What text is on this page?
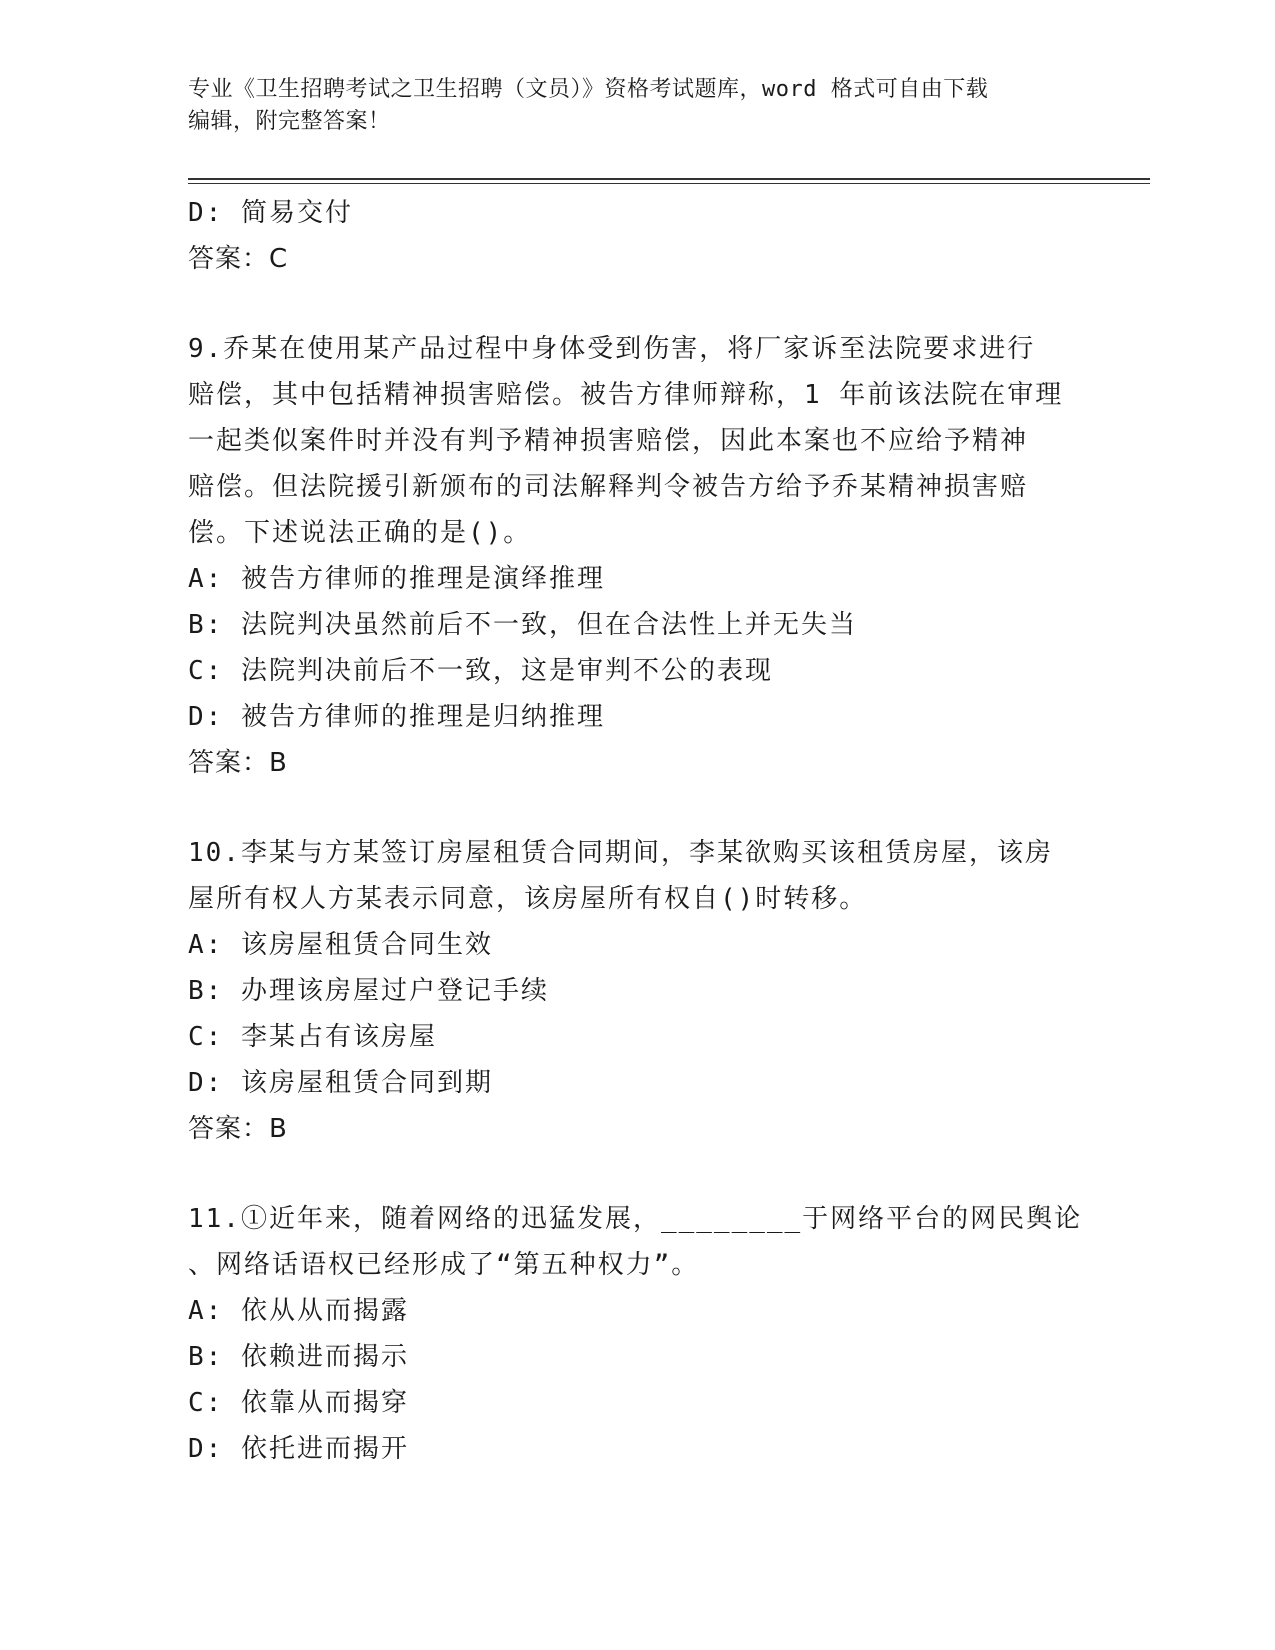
专业《卫生招聘考试之卫生招聘（文员）》资格考试题库，word 格式可自由下载
编辑，附完整答案！
D: 简易交付
答案：C
9.乔某在使用某产品过程中身体受到伤害，将厂家诉至法院要求进行
赔偿，其中包括精神损害赔偿。被告方律师辩称，1 年前该法院在审理
一起类似案件时并没有判予精神损害赔偿，因此本案也不应给予精神
赔偿。但法院援引新颁布的司法解释判令被告方给予乔某精神损害赔
偿。下述说法正确的是()。
A: 被告方律师的推理是演绎推理
B: 法院判决虽然前后不一致，但在合法性上并无失当
C: 法院判决前后不一致，这是审判不公的表现
D: 被告方律师的推理是归纳推理
答案：B
10.李某与方某签订房屋租赁合同期间，李某欲购买该租赁房屋，该房
屋所有权人方某表示同意，该房屋所有权自()时转移。
A: 该房屋租赁合同生效
B: 办理该房屋过户登记手续
C: 李某占有该房屋
D: 该房屋租赁合同到期
答案：B
11.①近年来，随着网络的迅猛发展，________于网络平台的网民舆论
、网络话语权已经形成了“第五种权力”。
A: 依从从而揭露
B: 依赖进而揭示
C: 依靠从而揭穿
D: 依托进而揭开
